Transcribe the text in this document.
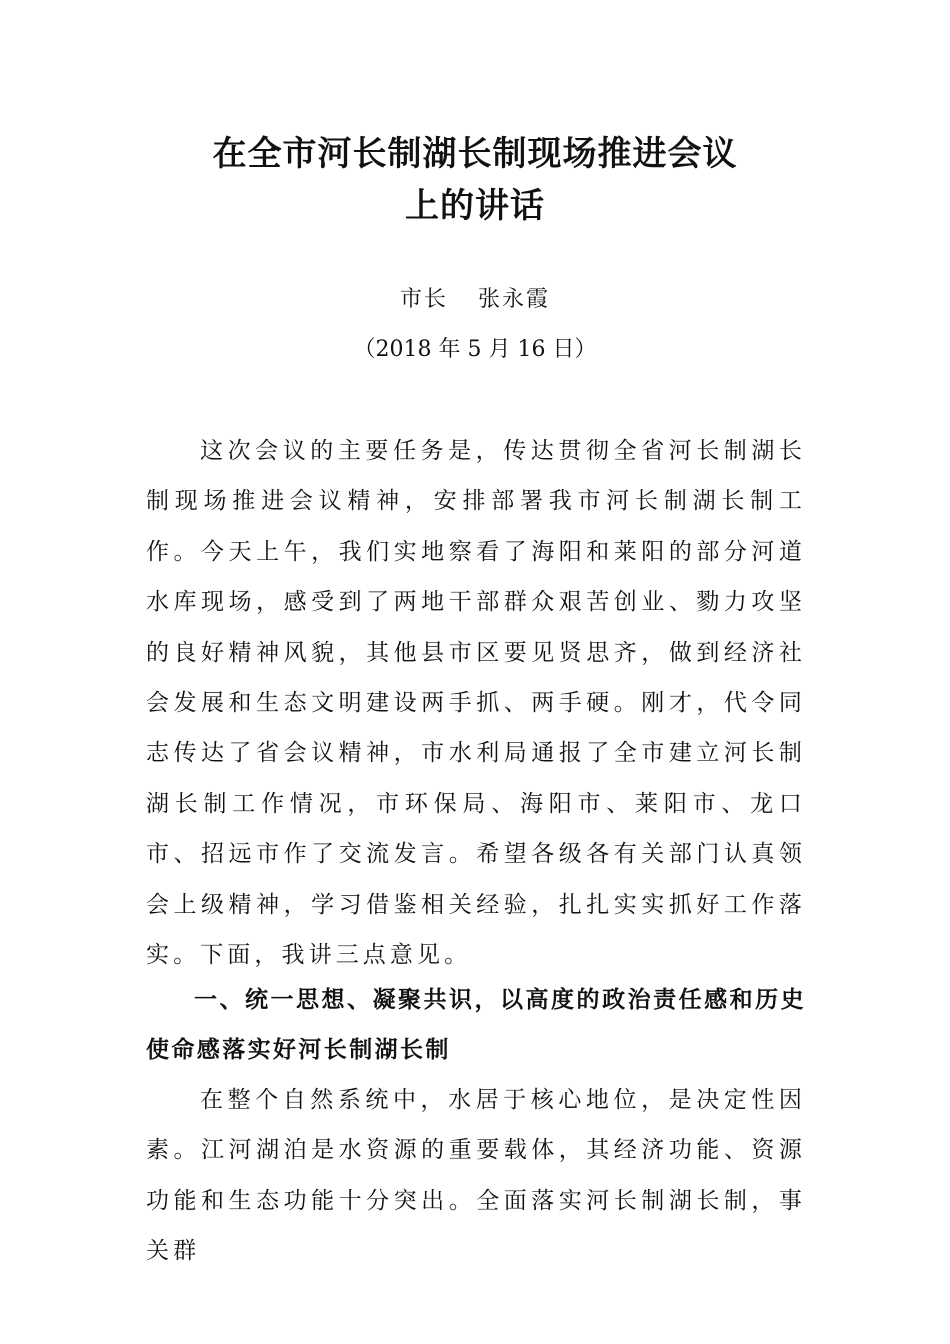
在全市河长制湖长制现场推进会议
上的讲话
市长 张永霞
（2018 年 5 月 16 日）

这次会议的主要任务是，传达贯彻全省河长制湖长制现场推进会议精神，安排部署我市河长制湖长制工作。今天上午，我们实地察看了海阳和莱阳的部分河道水库现场，感受到了两地干部群众艰苦创业、勠力攻坚的良好精神风貌，其他县市区要见贤思齐，做到经济社会发展和生态文明建设两手抓、两手硬。刚才，代令同志传达了省会议精神，市水利局通报了全市建立河长制湖长制工作情况，市环保局、海阳市、莱阳市、龙口市、招远市作了交流发言。希望各级各有关部门认真领会上级精神，学习借鉴相关经验，扎扎实实抓好工作落实。下面，我讲三点意见。

一、统一思想、凝聚共识，以高度的政治责任感和历史使命感落实好河长制湖长制

在整个自然系统中，水居于核心地位，是决定性因素。江河湖泊是水资源的重要载体，其经济功能、资源功能和生态功能十分突出。全面落实河长制湖长制，事关群
